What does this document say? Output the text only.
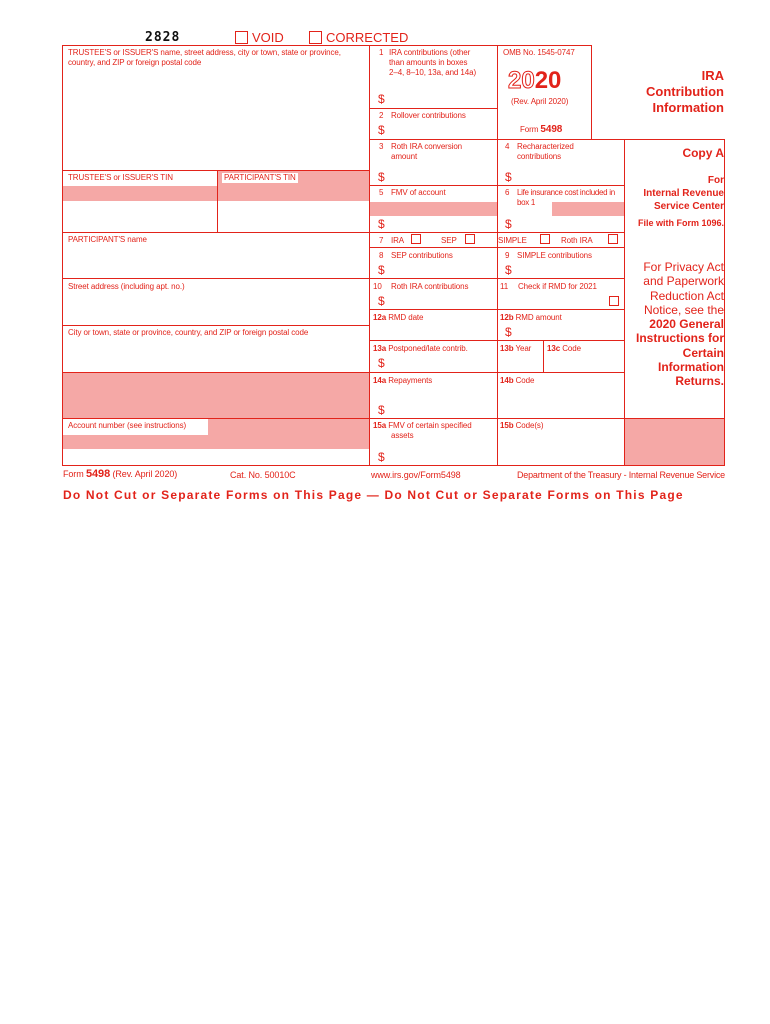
2828	VOID	CORRECTED
TRUSTEE'S or ISSUER'S name, street address, city or town, state or province, country, and ZIP or foreign postal code
TRUSTEE'S or ISSUER'S TIN	PARTICIPANT'S TIN
PARTICIPANT'S name
Street address (including apt. no.)
City or town, state or province, country, and ZIP or foreign postal code
Account number (see instructions)
1 IRA contributions (other
than amounts in boxes
2–4, 8–10, 13a, and 14a)
$
2 Rollover contributions
$
OMB No. 1545-0747
2020
(Rev. April 2020)
Form 5498
IRA
Contribution
Information
3 Roth IRA conversion
amount
$
4 Recharacterized
contributions
$
Copy A
For
Internal Revenue
Service Center
File with Form 1096.
For Privacy Act
and Paperwork
Reduction Act
Notice, see the
2020 General
Instructions for
Certain
Information
Returns.
5 FMV of account
$
6 Life insurance cost included in
box 1
$
7 IRA	SEP	SIMPLE	Roth IRA
8 SEP contributions
$
9 SIMPLE contributions
$
10 Roth IRA contributions
$
11 Check if RMD for 2021
12a RMD date	12b RMD amount
$
13a Postponed/late contrib.
$
13b Year 13c Code
14a Repayments
$
14b Code
15a FMV of certain specified
assets
$
15b Code(s)
Form 5498 (Rev. April 2020)	Cat. No. 50010C	www.irs.gov/Form5498	Department of the Treasury - Internal Revenue Service
Do Not Cut or Separate Forms on This Page — Do Not Cut or Separate Forms on This Page
